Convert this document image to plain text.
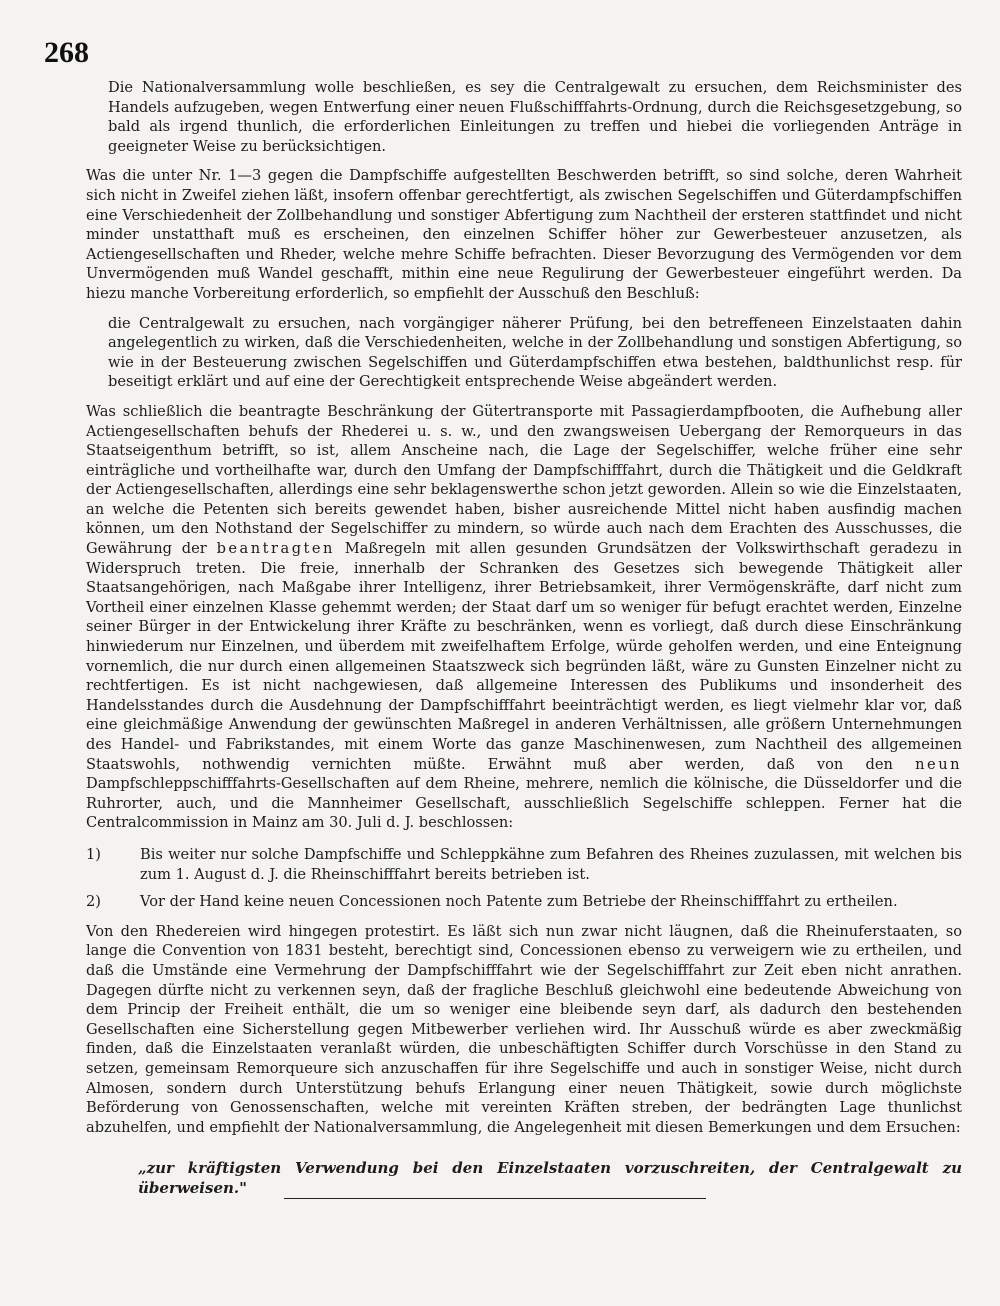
268

Die Nationalversammlung wolle beschließen, es sey die Centralgewalt zu ersuchen, dem Reichsminister des Handels aufzugeben, wegen Entwerfung einer neuen Flußschifffahrts-Ordnung, durch die Reichsgesetzgebung, so bald als irgend thunlich, die erforderlichen Einleitungen zu treffen und hiebei die vorliegenden Anträge in geeigneter Weise zu berücksichtigen.

Was die unter Nr. 1—3 gegen die Dampfschiffe aufgestellten Beschwerden betrifft, so sind solche, deren Wahrheit sich nicht in Zweifel ziehen läßt, insofern offenbar gerechtfertigt, als zwischen Segelschiffen und Güterdampfschiffen eine Verschiedenheit der Zollbehandlung und sonstiger Abfertigung zum Nachtheil der ersteren stattfindet und nicht minder unstatthaft muß es erscheinen, den einzelnen Schiffer höher zur Gewerbesteuer anzusetzen, als Actiengesellschaften und Rheder, welche mehre Schiffe befrachten. Dieser Bevorzugung des Vermögenden vor dem Unvermögenden muß Wandel geschafft, mithin eine neue Regulirung der Gewerbesteuer eingeführt werden. Da hiezu manche Vorbereitung erforderlich, so empfiehlt der Ausschuß den Beschluß:

die Centralgewalt zu ersuchen, nach vorgängiger näherer Prüfung, bei den betreffeneen Einzelstaaten dahin angelegentlich zu wirken, daß die Verschiedenheiten, welche in der Zollbehandlung und sonstigen Abfertigung, so wie in der Besteuerung zwischen Segelschiffen und Güterdampfschiffen etwa bestehen, baldthunlichst resp. für beseitigt erklärt und auf eine der Gerechtigkeit entsprechende Weise abgeändert werden.

Was schließlich die beantragte Beschränkung der Gütertransporte mit Passagierdampfbooten, die Aufhebung aller Actiengesellschaften behufs der Rhederei u. s. w., und den zwangsweisen Uebergang der Remorqueurs in das Staatseigenthum betrifft, so ist, allem Anscheine nach, die Lage der Segelschiffer, welche früher eine sehr einträgliche und vortheilhafte war, durch den Umfang der Dampfschifffahrt, durch die Thätigkeit und die Geldkraft der Actiengesellschaften, allerdings eine sehr beklagenswerthe schon jetzt geworden. Allein so wie die Einzelstaaten, an welche die Petenten sich bereits gewendet haben, bisher ausreichende Mittel nicht haben ausfindig machen können, um den Nothstand der Segelschiffer zu mindern, so würde auch nach dem Erachten des Ausschusses, die Gewährung der beantragten Maßregeln mit allen gesunden Grundsätzen der Volkswirthschaft geradezu in Widerspruch treten. Die freie, innerhalb der Schranken des Gesetzes sich bewegende Thätigkeit aller Staatsangehörigen, nach Maßgabe ihrer Intelligenz, ihrer Betriebsamkeit, ihrer Vermögenskräfte, darf nicht zum Vortheil einer einzelnen Klasse gehemmt werden; der Staat darf um so weniger für befugt erachtet werden, Einzelne seiner Bürger in der Entwickelung ihrer Kräfte zu beschränken, wenn es vorliegt, daß durch diese Einschränkung hinwiederum nur Einzelnen, und überdem mit zweifelhaftem Erfolge, würde geholfen werden, und eine Enteignung vornemlich, die nur durch einen allgemeinen Staatszweck sich begründen läßt, wäre zu Gunsten Einzelner nicht zu rechtfertigen. Es ist nicht nachgewiesen, daß allgemeine Interessen des Publikums und insonderheit des Handelsstandes durch die Ausdehnung der Dampfschifffahrt beeinträchtigt werden, es liegt vielmehr klar vor, daß eine gleichmäßige Anwendung der gewünschten Maßregel in anderen Verhältnissen, alle größern Unternehmungen des Handel- und Fabrikstandes, mit einem Worte das ganze Maschinenwesen, zum Nachtheil des allgemeinen Staatswohls, nothwendig vernichten müßte. Erwähnt muß aber werden, daß von den neun Dampfschleppschifffahrts-Gesellschaften auf dem Rheine, mehrere, nemlich die kölnische, die Düsseldorfer und die Ruhrorter, auch, und die Mannheimer Gesellschaft, ausschließlich Segelschiffe schleppen. Ferner hat die Centralcommission in Mainz am 30. Juli d. J. beschlossen:

1)	Bis weiter nur solche Dampfschiffe und Schleppkähne zum Befahren des Rheines zuzulassen, mit welchen bis zum 1. August d. J. die Rheinschifffahrt bereits betrieben ist.
2)	Vor der Hand keine neuen Concessionen noch Patente zum Betriebe der Rheinschifffahrt zu ertheilen.

Von den Rhedereien wird hingegen protestirt. Es läßt sich nun zwar nicht läugnen, daß die Rheinuferstaaten, so lange die Convention von 1831 besteht, berechtigt sind, Concessionen ebenso zu verweigern wie zu ertheilen, und daß die Umstände eine Vermehrung der Dampfschifffahrt wie der Segelschifffahrt zur Zeit eben nicht anrathen. Dagegen dürfte nicht zu verkennen seyn, daß der fragliche Beschluß gleichwohl eine bedeutende Abweichung von dem Princip der Freiheit enthält, die um so weniger eine bleibende seyn darf, als dadurch den bestehenden Gesellschaften eine Sicherstellung gegen Mitbewerber verliehen wird. Ihr Ausschuß würde es aber zweckmäßig finden, daß die Einzelstaaten veranlaßt würden, die unbeschäftigten Schiffer durch Vorschüsse in den Stand zu setzen, gemeinsam Remorqueure sich anzuschaffen für ihre Segelschiffe und auch in sonstiger Weise, nicht durch Almosen, sondern durch Unterstützung behufs Erlangung einer neuen Thätigkeit, sowie durch möglichste Beförderung von Genossenschaften, welche mit vereinten Kräften streben, der bedrängten Lage thunlichst abzuhelfen, und empfiehlt der Nationalversammlung, die Angelegenheit mit diesen Bemerkungen und dem Ersuchen:

„zur kräftigsten Verwendung bei den Einzelstaaten vorzuschreiten, der Centralgewalt zu überweisen."
